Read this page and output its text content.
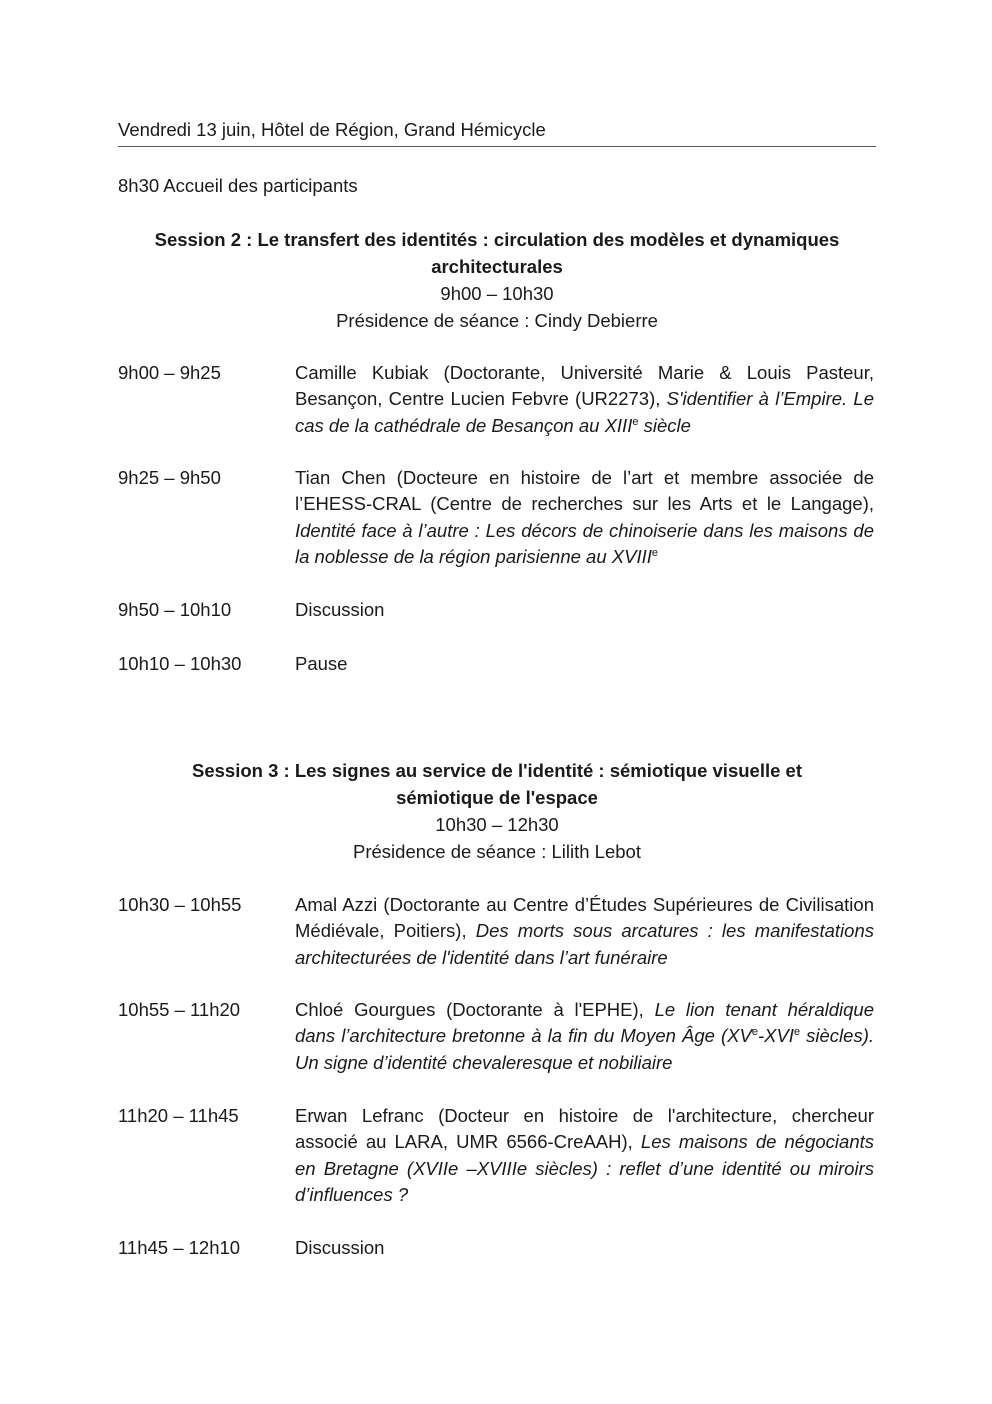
Vendredi 13 juin, Hôtel de Région, Grand Hémicycle
8h30 Accueil des participants
Session 2 : Le transfert des identités : circulation des modèles et dynamiques
architecturales
9h00 – 10h30
Présidence de séance : Cindy Debierre
9h00 – 9h25	Camille Kubiak (Doctorante, Université Marie & Louis Pasteur, Besançon, Centre Lucien Febvre (UR2273), S'identifier à l’Empire. Le cas de la cathédrale de Besançon au XIIIe siècle
9h25 – 9h50	Tian Chen (Docteure en histoire de l’art et membre associée de l’EHESS-CRAL (Centre de recherches sur les Arts et le Langage), Identité face à l’autre : Les décors de chinoiserie dans les maisons de la noblesse de la région parisienne au XVIIIe
9h50 – 10h10	Discussion
10h10 – 10h30	Pause
Session 3 : Les signes au service de l'identité : sémiotique visuelle et
sémiotique de l'espace
10h30 – 12h30
Présidence de séance : Lilith Lebot
10h30 – 10h55	Amal Azzi (Doctorante au Centre d’Études Supérieures de Civilisation Médiévale, Poitiers), Des morts sous arcatures : les manifestations architecturées de l'identité dans l’art funéraire
10h55 – 11h20	Chloé Gourgues (Doctorante à l'EPHE), Le lion tenant héraldique dans l’architecture bretonne à la fin du Moyen Âge (XVe-XVIe siècles). Un signe d’identité chevaleresque et nobiliaire
11h20 – 11h45	Erwan Lefranc (Docteur en histoire de l'architecture, chercheur associé au LARA, UMR 6566-CreAAH), Les maisons de négociants en Bretagne (XVIIe –XVIIIe siècles) : reflet d’une identité ou miroirs d’influences ?
11h45 – 12h10	Discussion
